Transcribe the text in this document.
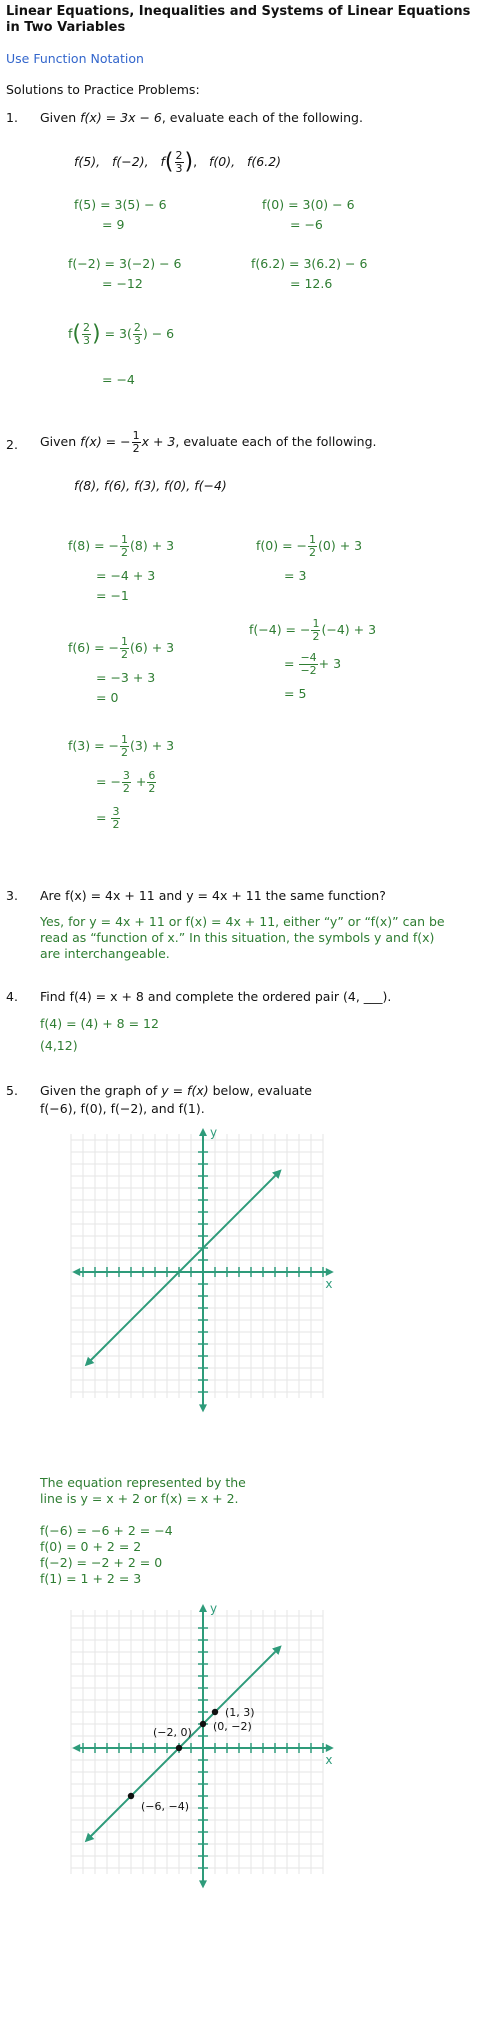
Linear Equations, Inequalities and Systems of Linear Equations in Two Variables
Use Function Notation
Solutions to Practice Problems:
1. Given f(x) = 3x − 6, evaluate each of the following.
f(5), f(−2), $f( \frac{2}{3}$ ), f(0), f(6.2)
f(5) = 3(5) − 6
= 9
f(0) = 3(0) − 6
= −6
f(−2) = 3(−2) − 6
= −12
f(6.2) = 3(6.2) − 6
= 12.6
$f( \frac{2}{3}$ ) = $3( \frac{2}{3}$ ) − 6
= −4
2. Given f(x) = − $\frac{1}{2}$ x + 3, evaluate each of the following.
f(8), f(6), f(3), f(0), f(−4)
f(8) = − $\frac{1}{2} (8) + 3$
= −4 + 3
= −1
f(0) = − $\frac{1}{2} (0) + 3$
= 3
f(6) = − $\frac{1}{2} (6) + 3$
= −3 + 3
= 0
f(−4) = − $\frac{1}{2} (-4) + 3$
= $\frac{-4}{-2} + 3$
= 5
f(3) = − $\frac{1}{2} (3) + 3$
= − $\frac{3}{2} + \frac{6}{2}$
= $\frac{3}{2}$
3. Are f(x) = 4x + 11 and y = 4x + 11 the same function?
Yes, for y = 4x + 11 or f(x) = 4x + 11, either “y” or “f(x)” can be read as “function of x.” In this situation, the symbols y and f(x) are interchangeable.
4. Find f(4) = x + 8 and complete the ordered pair (4, ___).
f(4) = (4) + 8 = 12
(4,12)
5. Given the graph of y = f(x) below, evaluate
f(−6), f(0), f(−2), and f(1).
x
y
The equation represented by the
line is y = x + 2 or f(x) = x + 2.
f(−6) = −6 + 2 = −4
f(0) = 0 + 2 = 2
f(−2) = −2 + 2 = 0
f(1) = 1 + 2 = 3
(−6, −4)
(−2, 0) (0, −2)
(1, 3)
x
y
